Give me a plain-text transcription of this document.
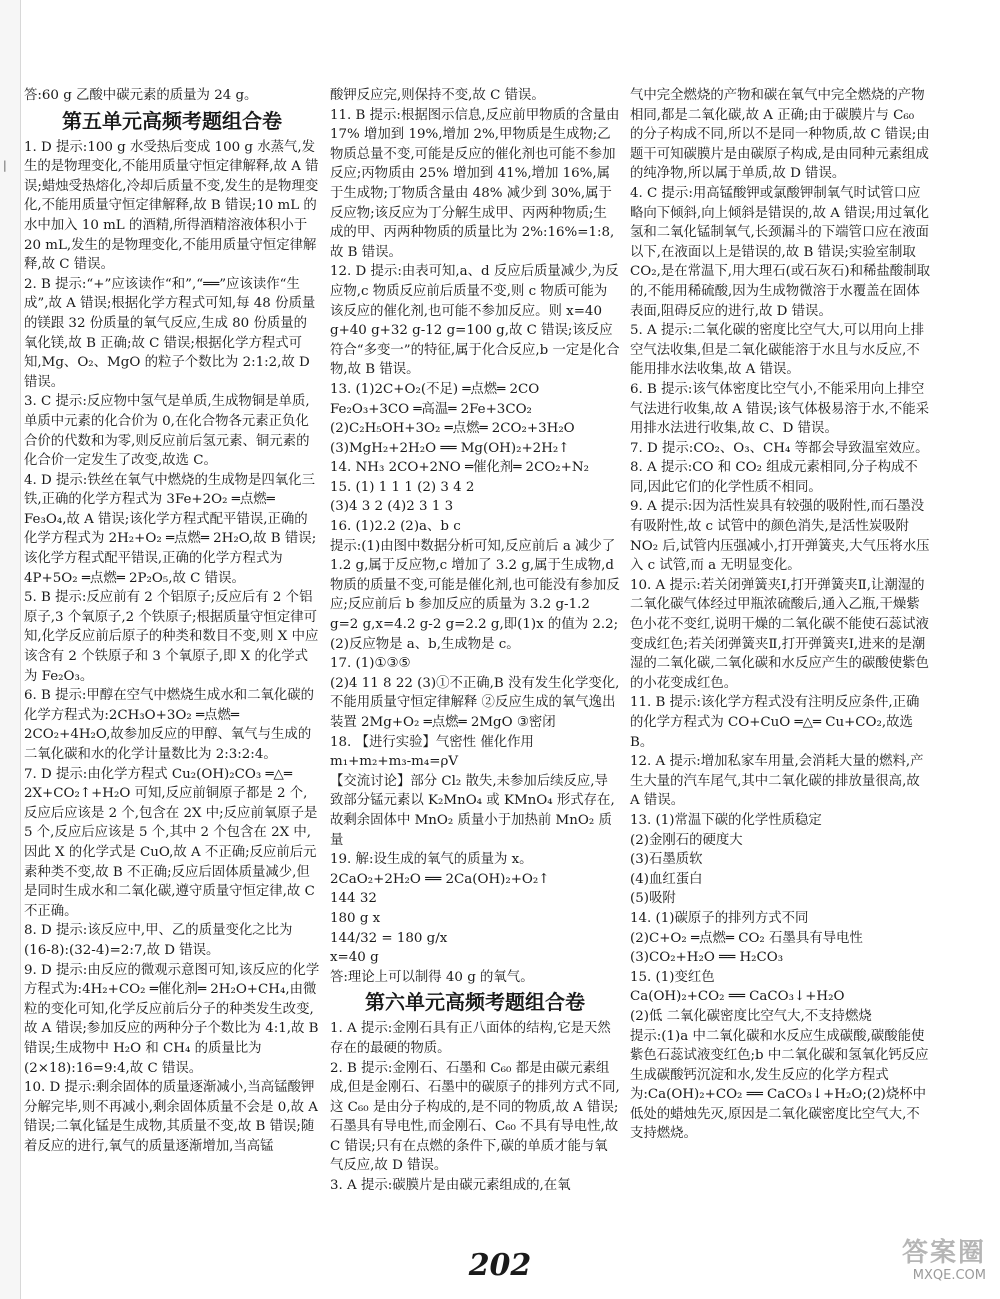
|
答:60 g 乙酸中碳元素的质量为 24 g。
第五单元高频考题组合卷
1. D 提示:100 g 水受热后变成 100 g 水蒸气,发生的是物理变化,不能用质量守恒定律解释,故 A 错误;蜡烛受热熔化,冷却后质量不变,发生的是物理变化,不能用质量守恒定律解释,故 B 错误;10 mL 的水中加入 10 mL 的酒精,所得酒精溶液体积小于 20 mL,发生的是物理变化,不能用质量守恒定律解释,故 C 错误。
2. B 提示:“+”应该读作“和”,“══”应该读作“生成”,故 A 错误;根据化学方程式可知,每 48 份质量的镁跟 32 份质量的氧气反应,生成 80 份质量的氧化镁,故 B 正确;故 C 错误;根据化学方程式可知,Mg、O₂、MgO 的粒子个数比为 2:1:2,故 D 错误。
3. C 提示:反应物中氢气是单质,生成物铜是单质,单质中元素的化合价为 0,在化合物各元素正负化合价的代数和为零,则反应前后氢元素、铜元素的化合价一定发生了改变,故选 C。
4. D 提示:铁丝在氧气中燃烧的生成物是四氧化三铁,正确的化学方程式为 3Fe+2O₂ ═点燃═ Fe₃O₄,故 A 错误;该化学方程式配平错误,正确的化学方程式为 2H₂+O₂ ═点燃═ 2H₂O,故 B 错误;该化学方程式配平错误,正确的化学方程式为 4P+5O₂ ═点燃═ 2P₂O₅,故 C 错误。
5. B 提示:反应前有 2 个铝原子;反应后有 2 个铝原子,3 个氧原子,2 个铁原子;根据质量守恒定律可知,化学反应前后原子的种类和数目不变,则 X 中应该含有 2 个铁原子和 3 个氧原子,即 X 的化学式为 Fe₂O₃。
6. B 提示:甲醇在空气中燃烧生成水和二氧化碳的化学方程式为:2CH₃O+3O₂ ═点燃═ 2CO₂+4H₂O,故参加反应的甲醇、氧气与生成的二氧化碳和水的化学计量数比为 2:3:2:4。
7. D 提示:由化学方程式 Cu₂(OH)₂CO₃ ═△═ 2X+CO₂↑+H₂O 可知,反应前铜原子都是 2 个,反应后应该是 2 个,包含在 2X 中;反应前氧原子是 5 个,反应后应该是 5 个,其中 2 个包含在 2X 中,因此 X 的化学式是 CuO,故 A 不正确;反应前后元素种类不变,故 B 不正确;反应后固体质量减少,但是同时生成水和二氧化碳,遵守质量守恒定律,故 C 不正确。
8. D 提示:该反应中,甲、乙的质量变化之比为 (16-8):(32-4)=2:7,故 D 错误。
9. D 提示:由反应的微观示意图可知,该反应的化学方程式为:4H₂+CO₂ ═催化剂═ 2H₂O+CH₄,由微粒的变化可知,化学反应前后分子的种类发生改变,故 A 错误;参加反应的两种分子个数比为 4:1,故 B 错误;生成物中 H₂O 和 CH₄ 的质量比为 (2×18):16=9:4,故 C 错误。
10. D 提示:剩余固体的质量逐渐减小,当高锰酸钾分解完毕,则不再减小,剩余固体质量不会是 0,故 A 错误;二氧化锰是生成物,其质量不变,故 B 错误;随着反应的进行,氧气的质量逐渐增加,当高锰
酸钾反应完,则保持不变,故 C 错误。
11. B 提示:根据图示信息,反应前甲物质的含量由 17% 增加到 19%,增加 2%,甲物质是生成物;乙物质总量不变,可能是反应的催化剂也可能不参加反应;丙物质由 25% 增加到 41%,增加 16%,属于生成物;丁物质含量由 48% 减少到 30%,属于反应物;该反应为丁分解生成甲、丙两种物质;生成的甲、丙两种物质的质量比为 2%:16%=1:8,故 B 错误。
12. D 提示:由表可知,a、d 反应后质量减少,为反应物,c 物质反应前后质量不变,则 c 物质可能为该反应的催化剂,也可能不参加反应。则 x=40 g+40 g+32 g-12 g=100 g,故 C 错误;该反应符合“多变一”的特征,属于化合反应,b 一定是化合物,故 B 错误。
13. (1)2C+O₂(不足) ═点燃═ 2CO
Fe₂O₃+3CO ═高温═ 2Fe+3CO₂
(2)C₂H₅OH+3O₂ ═点燃═ 2CO₂+3H₂O
(3)MgH₂+2H₂O ══ Mg(OH)₂+2H₂↑
14. NH₃ 2CO+2NO ═催化剂═ 2CO₂+N₂
15. (1) 1 1 1 (2) 3 4 2
(3)4 3 2 (4)2 3 1 3
16. (1)2.2 (2)a、b c
提示:(1)由图中数据分析可知,反应前后 a 减少了 1.2 g,属于反应物,c 增加了 3.2 g,属于生成物,d 物质的质量不变,可能是催化剂,也可能没有参加反应;反应前后 b 参加反应的质量为 3.2 g-1.2 g=2 g,x=4.2 g-2 g=2.2 g,即(1)x 的值为 2.2;(2)反应物是 a、b,生成物是 c。
17. (1)①③⑤
(2)4 11 8 22 (3)①不正确,B 没有发生化学变化,不能用质量守恒定律解释 ②反应生成的氧气逸出装置 2Mg+O₂ ═点燃═ 2MgO ③密闭
18. 【进行实验】气密性 催化作用
m₁+m₂+m₃-m₄=ρV
【交流讨论】部分 Cl₂ 散失,未参加后续反应,导致部分锰元素以 K₂MnO₄ 或 KMnO₄ 形式存在,故剩余固体中 MnO₂ 质量小于加热前 MnO₂ 质量
19. 解:设生成的氧气的质量为 x。
2CaO₂+2H₂O ══ 2Ca(OH)₂+O₂↑
144 32
180 g x
144/32 = 180 g/x
x=40 g
答:理论上可以制得 40 g 的氧气。
第六单元高频考题组合卷
1. A 提示:金刚石具有正八面体的结构,它是天然存在的最硬的物质。
2. B 提示:金刚石、石墨和 C₆₀ 都是由碳元素组成,但是金刚石、石墨中的碳原子的排列方式不同,这 C₆₀ 是由分子构成的,是不同的物质,故 A 错误;石墨具有导电性,而金刚石、C₆₀ 不具有导电性,故 C 错误;只有在点燃的条件下,碳的单质才能与氧气反应,故 D 错误。
3. A 提示:碳膜片是由碳元素组成的,在氧
气中完全燃烧的产物和碳在氧气中完全燃烧的产物相同,都是二氧化碳,故 A 正确;由于碳膜片与 C₆₀ 的分子构成不同,所以不是同一种物质,故 C 错误;由题干可知碳膜片是由碳原子构成,是由同种元素组成的纯净物,所以属于单质,故 D 错误。
4. C 提示:用高锰酸钾或氯酸钾制氧气时试管口应略向下倾斜,向上倾斜是错误的,故 A 错误;用过氧化氢和二氧化锰制氧气,长颈漏斗的下端管口应在液面以下,在液面以上是错误的,故 B 错误;实验室制取 CO₂,是在常温下,用大理石(或石灰石)和稀盐酸制取的,不能用稀硫酸,因为生成物微溶于水覆盖在固体表面,阻碍反应的进行,故 D 错误。
5. A 提示:二氧化碳的密度比空气大,可以用向上排空气法收集,但是二氧化碳能溶于水且与水反应,不能用排水法收集,故 A 错误。
6. B 提示:该气体密度比空气小,不能采用向上排空气法进行收集,故 A 错误;该气体极易溶于水,不能采用排水法进行收集,故 C、D 错误。
7. D 提示:CO₂、O₃、CH₄ 等都会导致温室效应。
8. A 提示:CO 和 CO₂ 组成元素相同,分子构成不同,因此它们的化学性质不相同。
9. A 提示:因为活性炭具有较强的吸附性,而石墨没有吸附性,故 c 试管中的颜色消失,是活性炭吸附 NO₂ 后,试管内压强减小,打开弹簧夹,大气压将水压入 c 试管,而 a 无明显变化。
10. A 提示:若关闭弹簧夹Ⅰ,打开弹簧夹Ⅱ,让潮湿的二氧化碳气体经过甲瓶浓硫酸后,通入乙瓶,干燥紫色小花不变红,说明干燥的二氧化碳不能使石蕊试液变成红色;若关闭弹簧夹Ⅱ,打开弹簧夹Ⅰ,进来的是潮湿的二氧化碳,二氧化碳和水反应产生的碳酸使紫色的小花变成红色。
11. B 提示:该化学方程式没有注明反应条件,正确的化学方程式为 CO+CuO ═△═ Cu+CO₂,故选 B。
12. A 提示:增加私家车用量,会消耗大量的燃料,产生大量的汽车尾气,其中二氧化碳的排放量很高,故 A 错误。
13. (1)常温下碳的化学性质稳定
(2)金刚石的硬度大
(3)石墨质软
(4)血红蛋白
(5)吸附
14. (1)碳原子的排列方式不同
(2)C+O₂ ═点燃═ CO₂ 石墨具有导电性
(3)CO₂+H₂O ══ H₂CO₃
15. (1)变红色
Ca(OH)₂+CO₂ ══ CaCO₃↓+H₂O
(2)低 二氧化碳密度比空气大,不支持燃烧
提示:(1)a 中二氧化碳和水反应生成碳酸,碳酸能使紫色石蕊试液变红色;b 中二氧化碳和氢氧化钙反应生成碳酸钙沉淀和水,发生反应的化学方程式为:Ca(OH)₂+CO₂ ══ CaCO₃↓+H₂O;(2)烧杯中低处的蜡烛先灭,原因是二氧化碳密度比空气大,不支持燃烧。
202	答案圈
MXQE.COM
